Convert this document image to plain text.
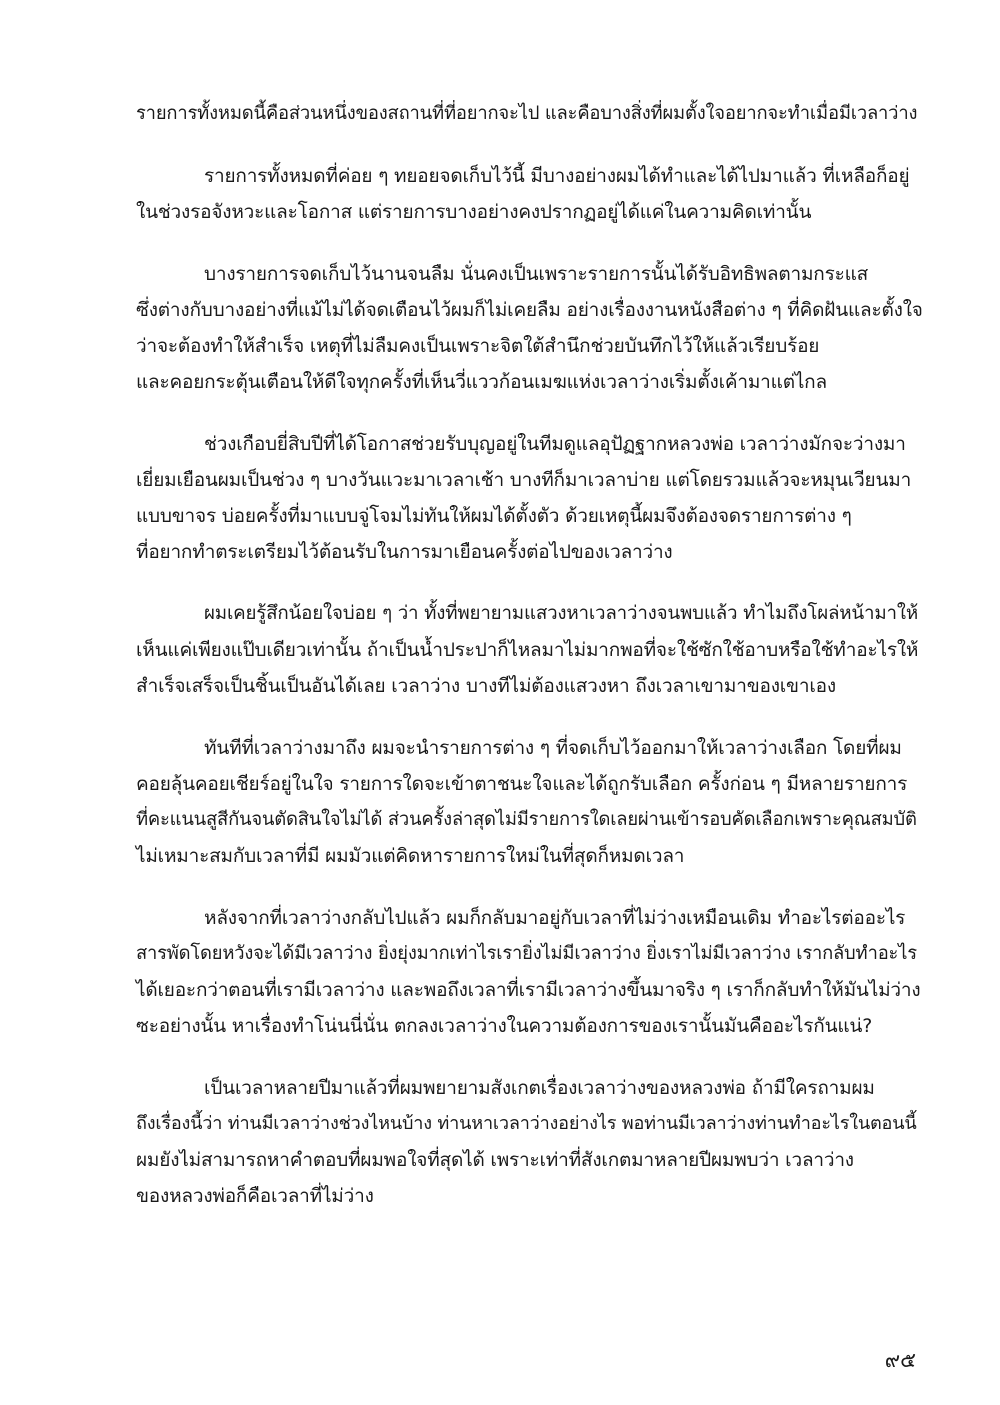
รายการทั้งหมดนี้คือส่วนหนึ่งของสถานที่ที่อยากจะไป และคือบางสิ่งที่ผมตั้งใจอยากจะทำเมื่อมีเวลาว่าง
รายการทั้งหมดที่ค่อย ๆ ทยอยจดเก็บไว้นี้ มีบางอย่างผมได้ทำและได้ไปมาแล้ว ที่เหลือก็อยู่
ในช่วงรอจังหวะและโอกาส แต่รายการบางอย่างคงปรากฏอยู่ได้แค่ในความคิดเท่านั้น
บางรายการจดเก็บไว้นานจนลืม นั่นคงเป็นเพราะรายการนั้นได้รับอิทธิพลตามกระแส
ซึ่งต่างกับบางอย่างที่แม้ไม่ได้จดเตือนไว้ผมก็ไม่เคยลืม อย่างเรื่องงานหนังสือต่าง ๆ ที่คิดฝันและตั้งใจ
ว่าจะต้องทำให้สำเร็จ เหตุที่ไม่ลืมคงเป็นเพราะจิตใต้สำนึกช่วยบันทึกไว้ให้แล้วเรียบร้อย
และคอยกระตุ้นเตือนให้ดีใจทุกครั้งที่เห็นวี่แววก้อนเมฆแห่งเวลาว่างเริ่มตั้งเค้ามาแต่ไกล
ช่วงเกือบยี่สิบปีที่ได้โอกาสช่วยรับบุญอยู่ในทีมดูแลอุปัฏฐากหลวงพ่อ เวลาว่างมักจะว่างมา
เยี่ยมเยือนผมเป็นช่วง ๆ บางวันแวะมาเวลาเช้า บางทีก็มาเวลาบ่าย แต่โดยรวมแล้วจะหมุนเวียนมา
แบบขาจร บ่อยครั้งที่มาแบบจู่โจมไม่ทันให้ผมได้ตั้งตัว ด้วยเหตุนี้ผมจึงต้องจดรายการต่าง ๆ
ที่อยากทำตระเตรียมไว้ต้อนรับในการมาเยือนครั้งต่อไปของเวลาว่าง
ผมเคยรู้สึกน้อยใจบ่อย ๆ ว่า ทั้งที่พยายามแสวงหาเวลาว่างจนพบแล้ว ทำไมถึงโผล่หน้ามาให้
เห็นแค่เพียงแป๊บเดียวเท่านั้น ถ้าเป็นน้ำประปาก็ไหลมาไม่มากพอที่จะใช้ซักใช้อาบหรือใช้ทำอะไรให้
สำเร็จเสร็จเป็นชิ้นเป็นอันได้เลย เวลาว่าง บางทีไม่ต้องแสวงหา ถึงเวลาเขามาของเขาเอง
ทันทีที่เวลาว่างมาถึง ผมจะนำรายการต่าง ๆ ที่จดเก็บไว้ออกมาให้เวลาว่างเลือก โดยที่ผม
คอยลุ้นคอยเชียร์อยู่ในใจ รายการใดจะเข้าตาชนะใจและได้ถูกรับเลือก ครั้งก่อน ๆ มีหลายรายการ
ที่คะแนนสูสีกันจนตัดสินใจไม่ได้ ส่วนครั้งล่าสุดไม่มีรายการใดเลยผ่านเข้ารอบคัดเลือกเพราะคุณสมบัติ
ไม่เหมาะสมกับเวลาที่มี ผมมัวแต่คิดหารายการใหม่ในที่สุดก็หมดเวลา
หลังจากที่เวลาว่างกลับไปแล้ว ผมก็กลับมาอยู่กับเวลาที่ไม่ว่างเหมือนเดิม ทำอะไรต่ออะไร
สารพัดโดยหวังจะได้มีเวลาว่าง ยิ่งยุ่งมากเท่าไรเรายิ่งไม่มีเวลาว่าง ยิ่งเราไม่มีเวลาว่าง เรากลับทำอะไร
ได้เยอะกว่าตอนที่เรามีเวลาว่าง และพอถึงเวลาที่เรามีเวลาว่างขึ้นมาจริง ๆ เราก็กลับทำให้มันไม่ว่าง
ซะอย่างนั้น หาเรื่องทำโน่นนี่นั่น ตกลงเวลาว่างในความต้องการของเรานั้นมันคืออะไรกันแน่?
เป็นเวลาหลายปีมาแล้วที่ผมพยายามสังเกตเรื่องเวลาว่างของหลวงพ่อ ถ้ามีใครถามผม
ถึงเรื่องนี้ว่า ท่านมีเวลาว่างช่วงไหนบ้าง ท่านหาเวลาว่างอย่างไร พอท่านมีเวลาว่างท่านทำอะไรในตอนนี้
ผมยังไม่สามารถหาคำตอบที่ผมพอใจที่สุดได้ เพราะเท่าที่สังเกตมาหลายปีผมพบว่า เวลาว่าง
ของหลวงพ่อก็คือเวลาที่ไม่ว่าง
๙๕
